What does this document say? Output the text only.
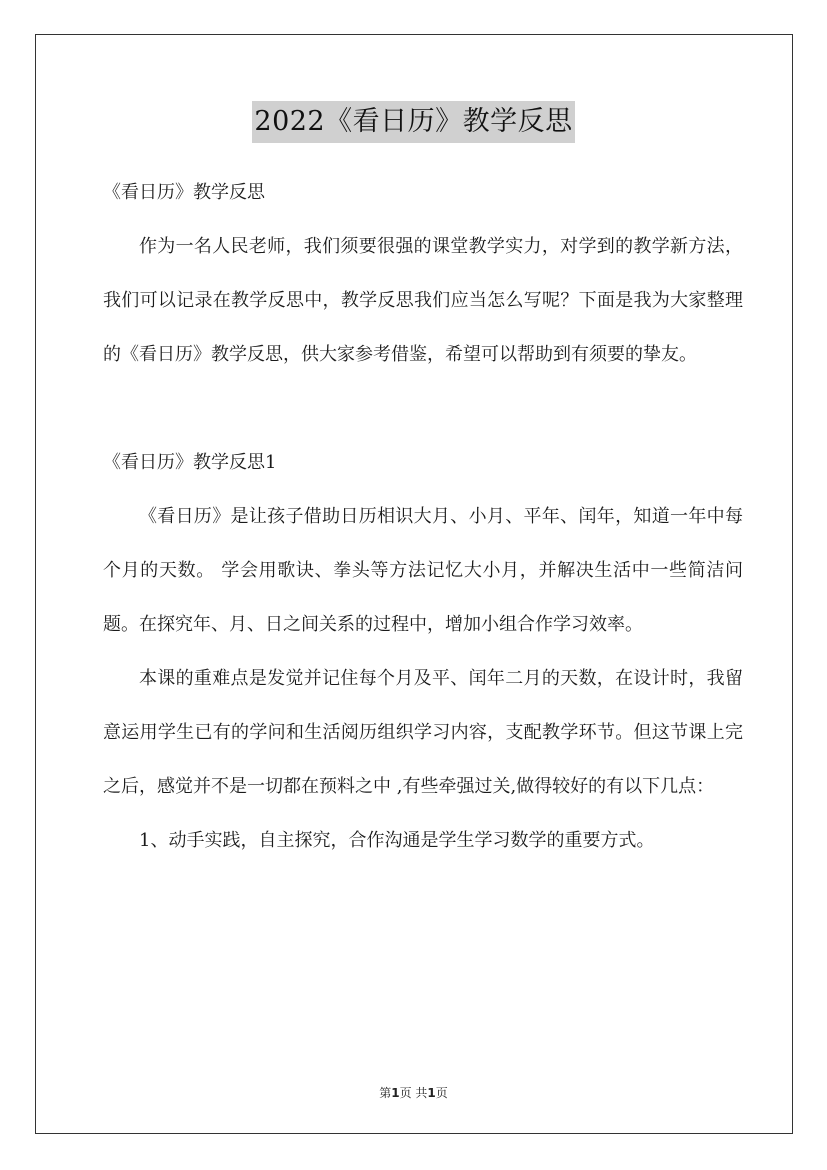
2022《看日历》教学反思

《看日历》教学反思

作为一名人民老师，我们须要很强的课堂教学实力，对学到的教学新方法，我们可以记录在教学反思中，教学反思我们应当怎么写呢？下面是我为大家整理的《看日历》教学反思，供大家参考借鉴，希望可以帮助到有须要的挚友。

《看日历》教学反思1

《看日历》是让孩子借助日历相识大月、小月、平年、闰年，知道一年中每个月的天数。 学会用歌诀、拳头等方法记忆大小月，并解决生活中一些简洁问题。在探究年、月、日之间关系的过程中，增加小组合作学习效率。

本课的重难点是发觉并记住每个月及平、闰年二月的天数，在设计时，我留意运用学生已有的学问和生活阅历组织学习内容，支配教学环节。但这节课上完之后，感觉并不是一切都在预料之中 ,有些牵强过关,做得较好的有以下几点：

1、动手实践，自主探究，合作沟通是学生学习数学的重要方式。

第1页 共1页
